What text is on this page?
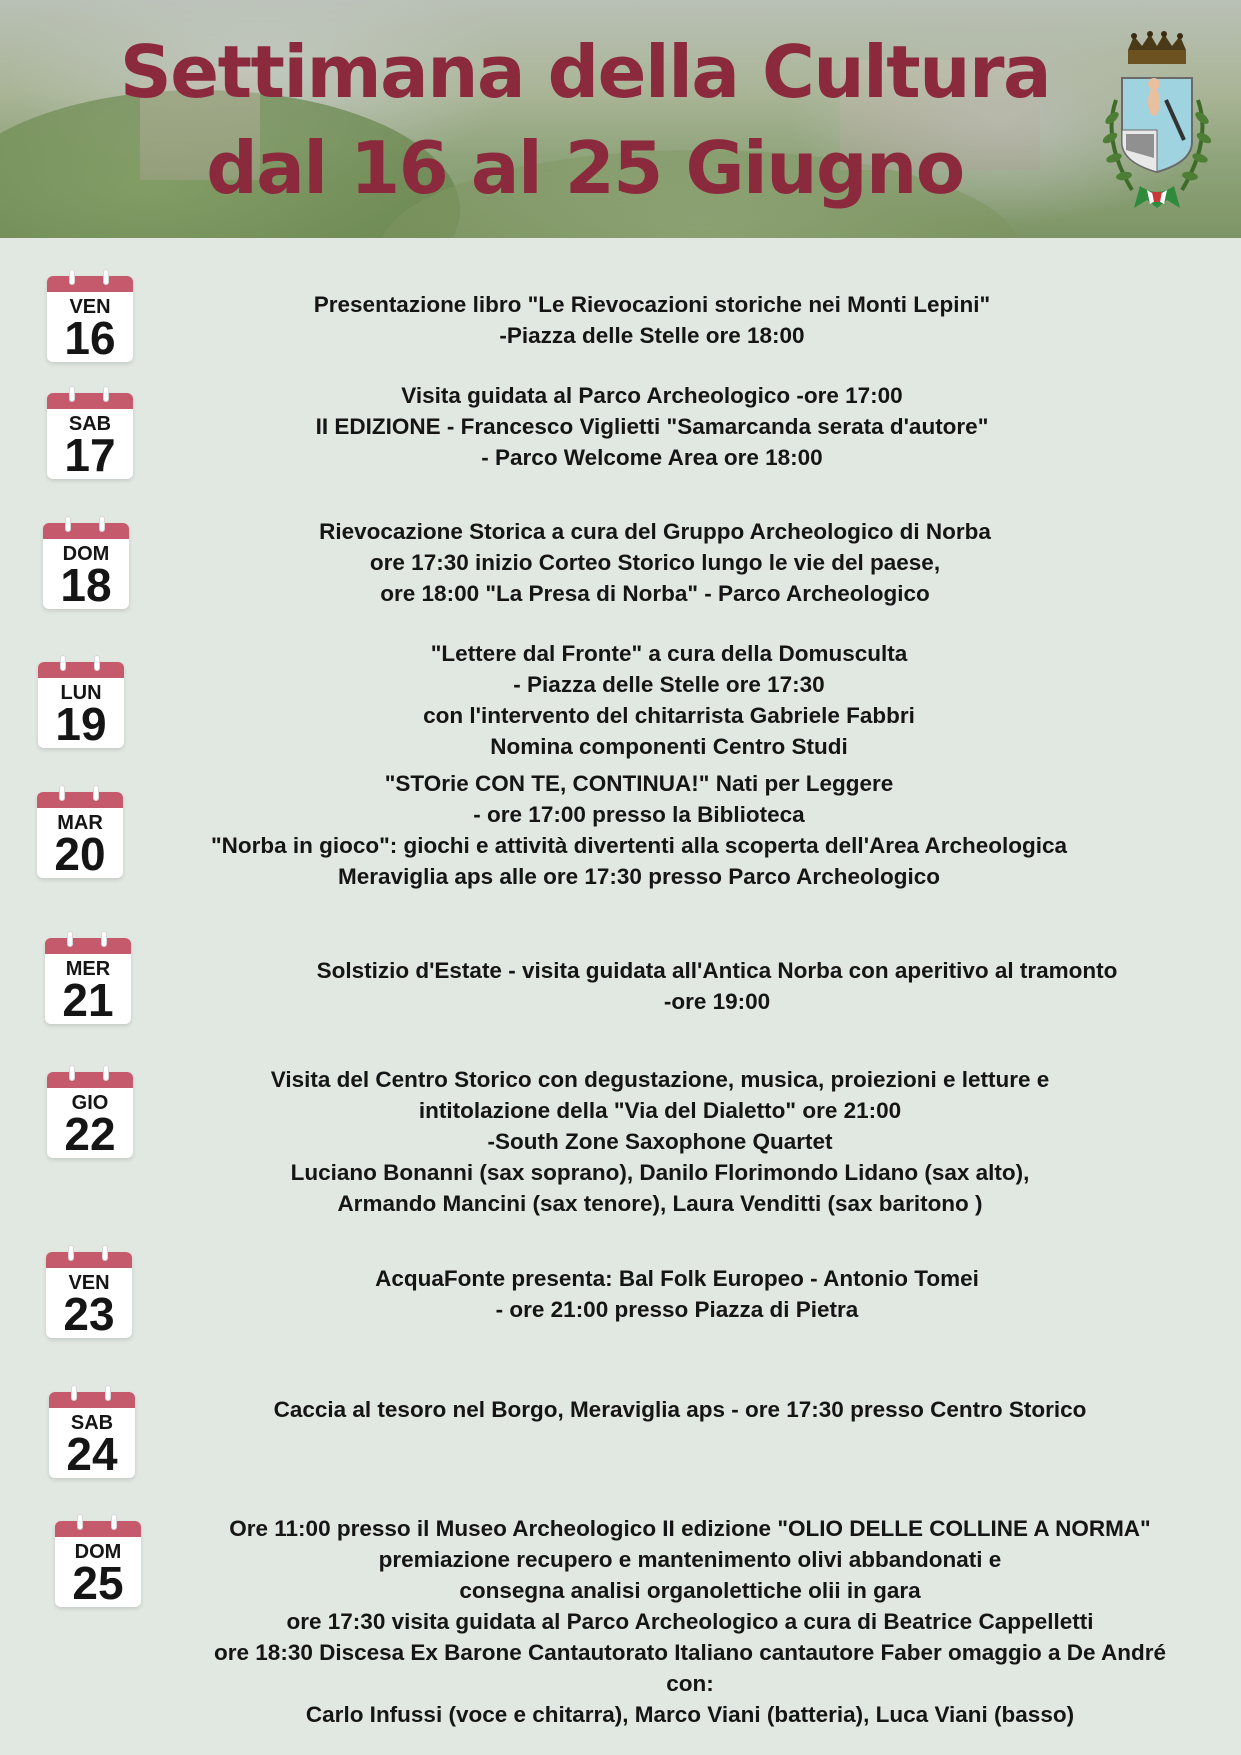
Settimana della Cultura
dal 16 al 25 Giugno
VEN
16
Presentazione libro "Le Rievocazioni storiche nei Monti Lepini"
-Piazza delle Stelle ore 18:00
SAB
17
Visita guidata al Parco Archeologico -ore 17:00
II EDIZIONE - Francesco Viglietti "Samarcanda serata d'autore"
- Parco Welcome Area ore 18:00
DOM
18
Rievocazione Storica a cura del Gruppo Archeologico di Norba
ore 17:30 inizio Corteo Storico lungo le vie del paese,
ore 18:00 "La Presa di Norba" - Parco Archeologico
LUN
19
"Lettere dal Fronte" a cura della Domuscultа
- Piazza delle Stelle ore 17:30
con l'intervento del chitarrista Gabriele Fabbri
Nomina componenti Centro Studi
MAR
20
"STOrie CON TE, CONTINUA!" Nati per Leggere
- ore 17:00 presso la Biblioteca
"Norba in gioco": giochi e attività divertenti alla scoperta dell'Area Archeologica
Meraviglia aps alle ore 17:30 presso Parco Archeologico
MER
21
Solstizio d'Estate - visita guidata all'Antica Norba con aperitivo al tramonto
-ore 19:00
GIO
22
Visita del Centro Storico con degustazione, musica, proiezioni e letture e
intitolazione della "Via del Dialetto" ore 21:00
-South Zone Saxophone Quartet
Luciano Bonanni (sax soprano), Danilo Florimondo Lidano (sax alto),
Armando Mancini (sax tenore), Laura Venditti (sax baritono )
VEN
23
AcquaFonte presenta: Bal Folk Europeo - Antonio Tomei
- ore 21:00 presso Piazza di Pietra
SAB
24
Caccia al tesoro nel Borgo, Meraviglia aps - ore 17:30 presso Centro Storico
DOM
25
Ore 11:00 presso il Museo Archeologico II edizione "OLIO DELLE COLLINE A NORMA"
premiazione recupero e mantenimento olivi abbandonati e
consegna analisi organolettiche olii in gara
ore 17:30 visita guidata al Parco Archeologico a cura di Beatrice Cappelletti
ore 18:30 Discesa Ex Barone Cantautorato Italiano cantautore Faber omaggio a De André
con:
Carlo Infussi (voce e chitarra), Marco Viani (batteria), Luca Viani (basso)
